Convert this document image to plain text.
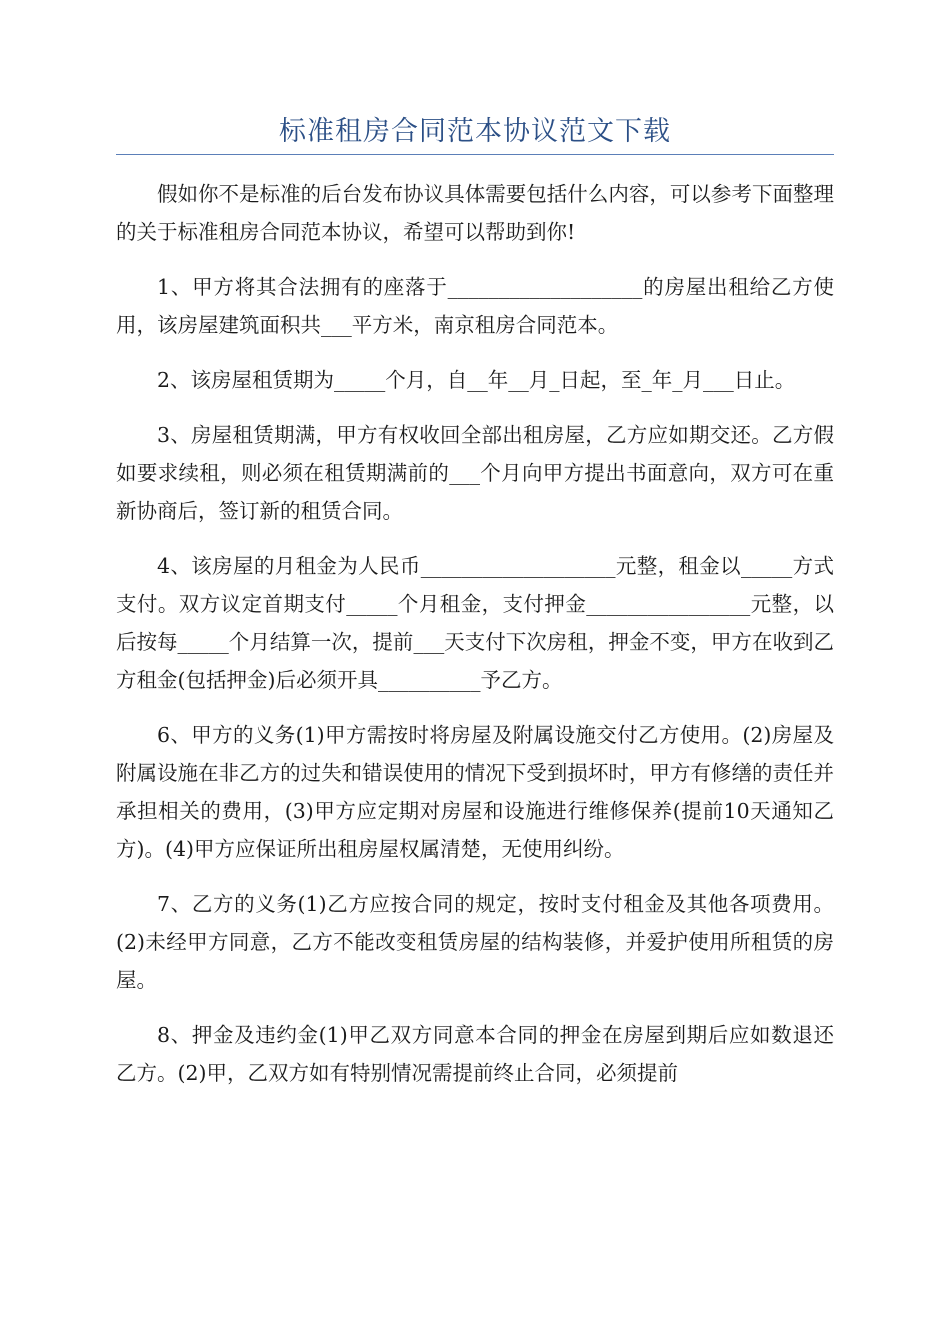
标准租房合同范本协议范文下载

假如你不是标准的后台发布协议具体需要包括什么内容，可以参考下面整理的关于标准租房合同范本协议，希望可以帮助到你!

1、甲方将其合法拥有的座落于___________________的房屋出租给乙方使用，该房屋建筑面积共___平方米，南京租房合同范本。

2、该房屋租赁期为_____个月，自__年__月_日起，至_年_月___日止。

3、房屋租赁期满，甲方有权收回全部出租房屋，乙方应如期交还。乙方假如要求续租，则必须在租赁期满前的___个月向甲方提出书面意向，双方可在重新协商后，签订新的租赁合同。

4、该房屋的月租金为人民币___________________元整，租金以_____方式支付。双方议定首期支付_____个月租金，支付押金________________元整，以后按每_____个月结算一次，提前___天支付下次房租，押金不变，甲方在收到乙方租金(包括押金)后必须开具__________予乙方。

6、甲方的义务(1)甲方需按时将房屋及附属设施交付乙方使用。(2)房屋及附属设施在非乙方的过失和错误使用的情况下受到损坏时，甲方有修缮的责任并承担相关的费用，(3)甲方应定期对房屋和设施进行维修保养(提前10天通知乙方)。(4)甲方应保证所出租房屋权属清楚，无使用纠纷。

7、乙方的义务(1)乙方应按合同的规定，按时支付租金及其他各项费用。(2)未经甲方同意，乙方不能改变租赁房屋的结构装修，并爱护使用所租赁的房屋。

8、押金及违约金(1)甲乙双方同意本合同的押金在房屋到期后应如数退还乙方。(2)甲，乙双方如有特别情况需提前终止合同，必须提前
